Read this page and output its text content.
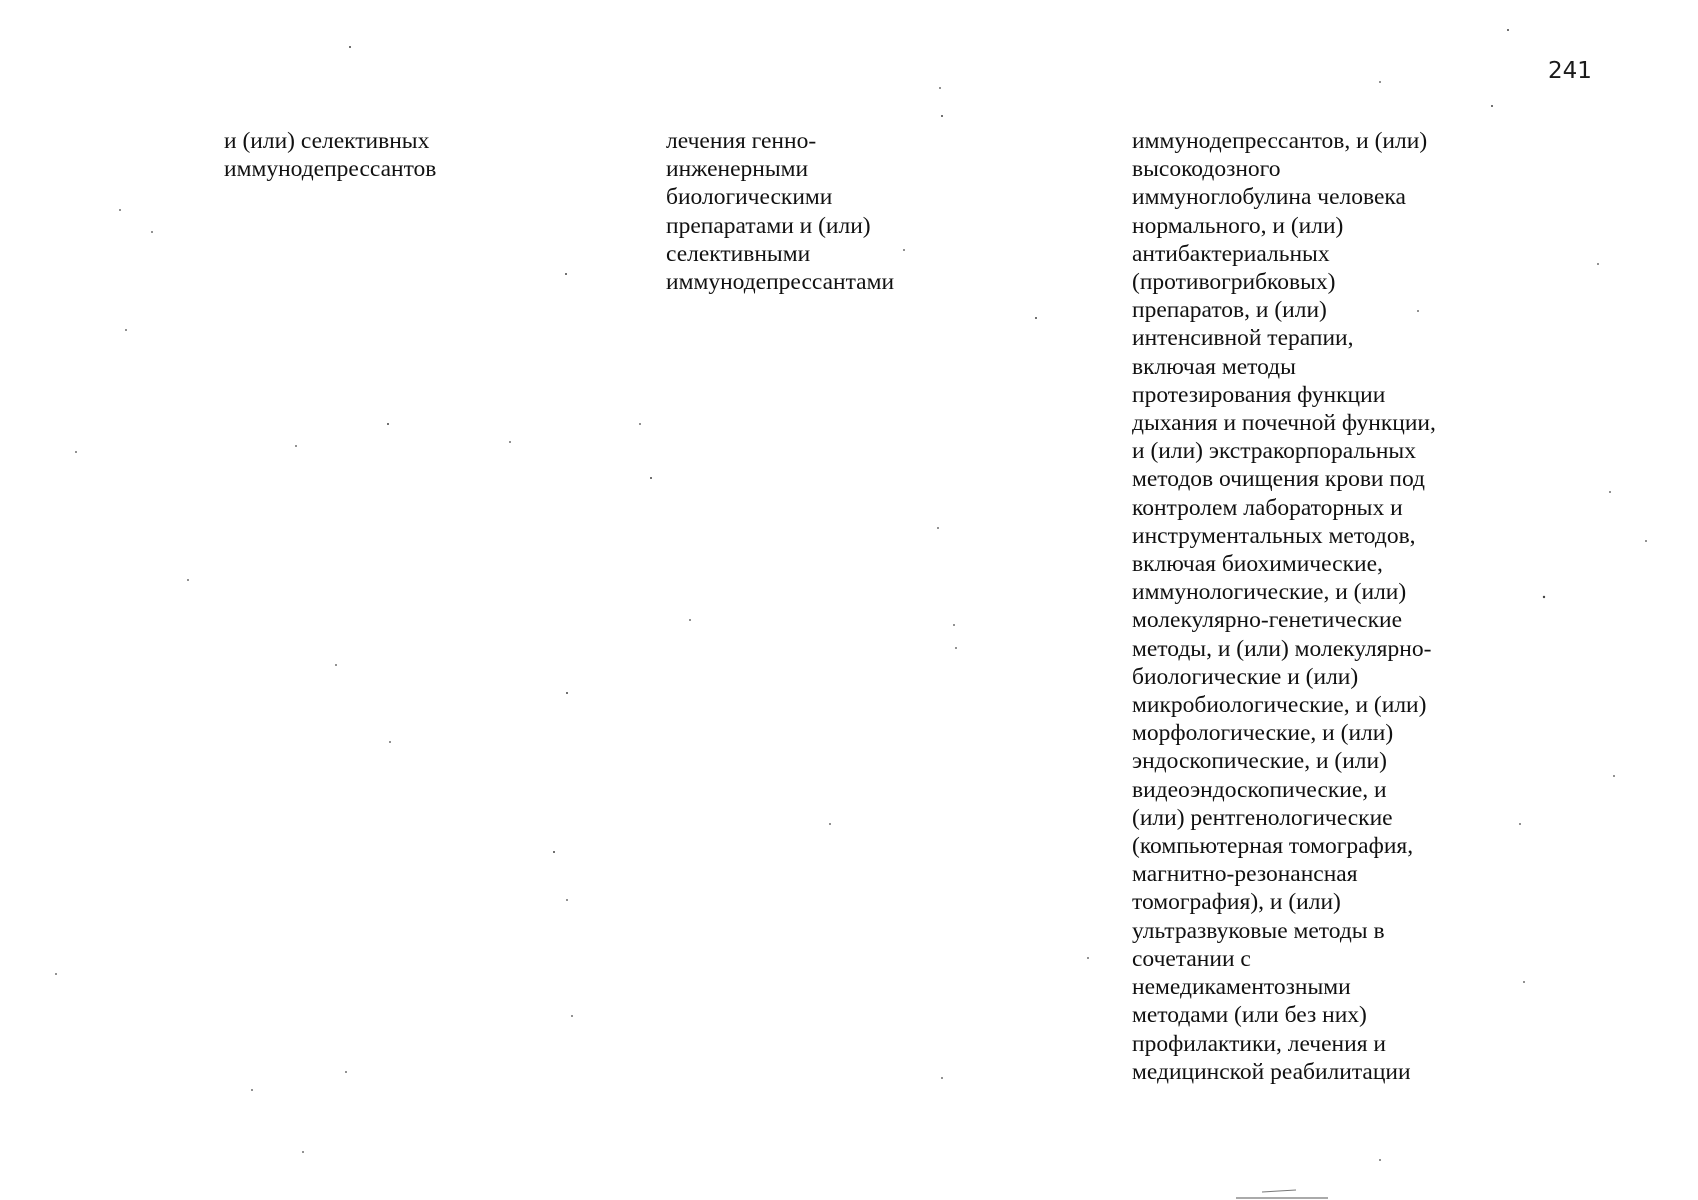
241
и (или) селективных
иммунодепрессантов
лечения генно-
инженерными
биологическими
препаратами и (или)
селективными
иммунодепрессантами
иммунодепрессантов, и (или)
высокодозного
иммуноглобулина человека
нормального, и (или)
антибактериальных
(противогрибковых)
препаратов, и (или)
интенсивной терапии,
включая методы
протезирования функции
дыхания и почечной функции,
и (или) экстракорпоральных
методов очищения крови под
контролем лабораторных и
инструментальных методов,
включая биохимические,
иммунологические, и (или)
молекулярно-генетические
методы, и (или) молекулярно-
биологические и (или)
микробиологические, и (или)
морфологические, и (или)
эндоскопические, и (или)
видеоэндоскопические, и
(или) рентгенологические
(компьютерная томография,
магнитно-резонансная
томография), и (или)
ультразвуковые методы в
сочетании с
немедикаментозными
методами (или без них)
профилактики, лечения и
медицинской реабилитации
